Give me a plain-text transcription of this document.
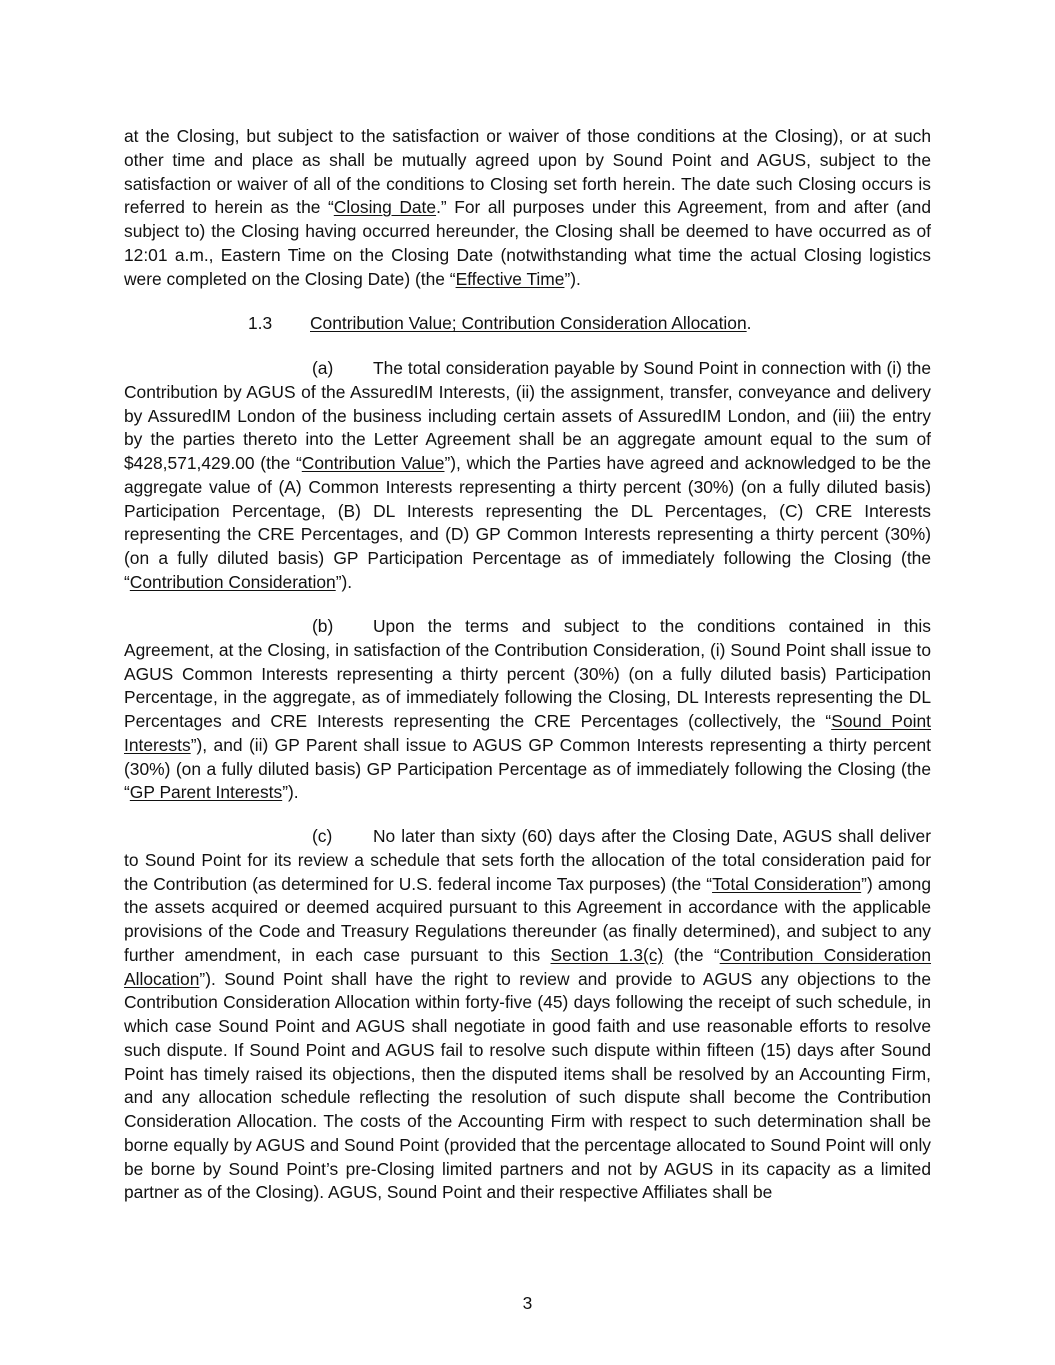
at the Closing, but subject to the satisfaction or waiver of those conditions at the Closing), or at such other time and place as shall be mutually agreed upon by Sound Point and AGUS, subject to the satisfaction or waiver of all of the conditions to Closing set forth herein. The date such Closing occurs is referred to herein as the “Closing Date.” For all purposes under this Agreement, from and after (and subject to) the Closing having occurred hereunder, the Closing shall be deemed to have occurred as of 12:01 a.m., Eastern Time on the Closing Date (notwithstanding what time the actual Closing logistics were completed on the Closing Date) (the “Effective Time”).

1.3 Contribution Value; Contribution Consideration Allocation.

(a) The total consideration payable by Sound Point in connection with (i) the Contribution by AGUS of the AssuredIM Interests, (ii) the assignment, transfer, conveyance and delivery by AssuredIM London of the business including certain assets of AssuredIM London, and (iii) the entry by the parties thereto into the Letter Agreement shall be an aggregate amount equal to the sum of $428,571,429.00 (the “Contribution Value”), which the Parties have agreed and acknowledged to be the aggregate value of (A) Common Interests representing a thirty percent (30%) (on a fully diluted basis) Participation Percentage, (B) DL Interests representing the DL Percentages, (C) CRE Interests representing the CRE Percentages, and (D) GP Common Interests representing a thirty percent (30%) (on a fully diluted basis) GP Participation Percentage as of immediately following the Closing (the “Contribution Consideration”).

(b) Upon the terms and subject to the conditions contained in this Agreement, at the Closing, in satisfaction of the Contribution Consideration, (i) Sound Point shall issue to AGUS Common Interests representing a thirty percent (30%) (on a fully diluted basis) Participation Percentage, in the aggregate, as of immediately following the Closing, DL Interests representing the DL Percentages and CRE Interests representing the CRE Percentages (collectively, the “Sound Point Interests”), and (ii) GP Parent shall issue to AGUS GP Common Interests representing a thirty percent (30%) (on a fully diluted basis) GP Participation Percentage as of immediately following the Closing (the “GP Parent Interests”).

(c) No later than sixty (60) days after the Closing Date, AGUS shall deliver to Sound Point for its review a schedule that sets forth the allocation of the total consideration paid for the Contribution (as determined for U.S. federal income Tax purposes) (the “Total Consideration”) among the assets acquired or deemed acquired pursuant to this Agreement in accordance with the applicable provisions of the Code and Treasury Regulations thereunder (as finally determined), and subject to any further amendment, in each case pursuant to this Section 1.3(c) (the “Contribution Consideration Allocation”). Sound Point shall have the right to review and provide to AGUS any objections to the Contribution Consideration Allocation within forty-five (45) days following the receipt of such schedule, in which case Sound Point and AGUS shall negotiate in good faith and use reasonable efforts to resolve such dispute. If Sound Point and AGUS fail to resolve such dispute within fifteen (15) days after Sound Point has timely raised its objections, then the disputed items shall be resolved by an Accounting Firm, and any allocation schedule reflecting the resolution of such dispute shall become the Contribution Consideration Allocation. The costs of the Accounting Firm with respect to such determination shall be borne equally by AGUS and Sound Point (provided that the percentage allocated to Sound Point will only be borne by Sound Point’s pre-Closing limited partners and not by AGUS in its capacity as a limited partner as of the Closing). AGUS, Sound Point and their respective Affiliates shall be

3
